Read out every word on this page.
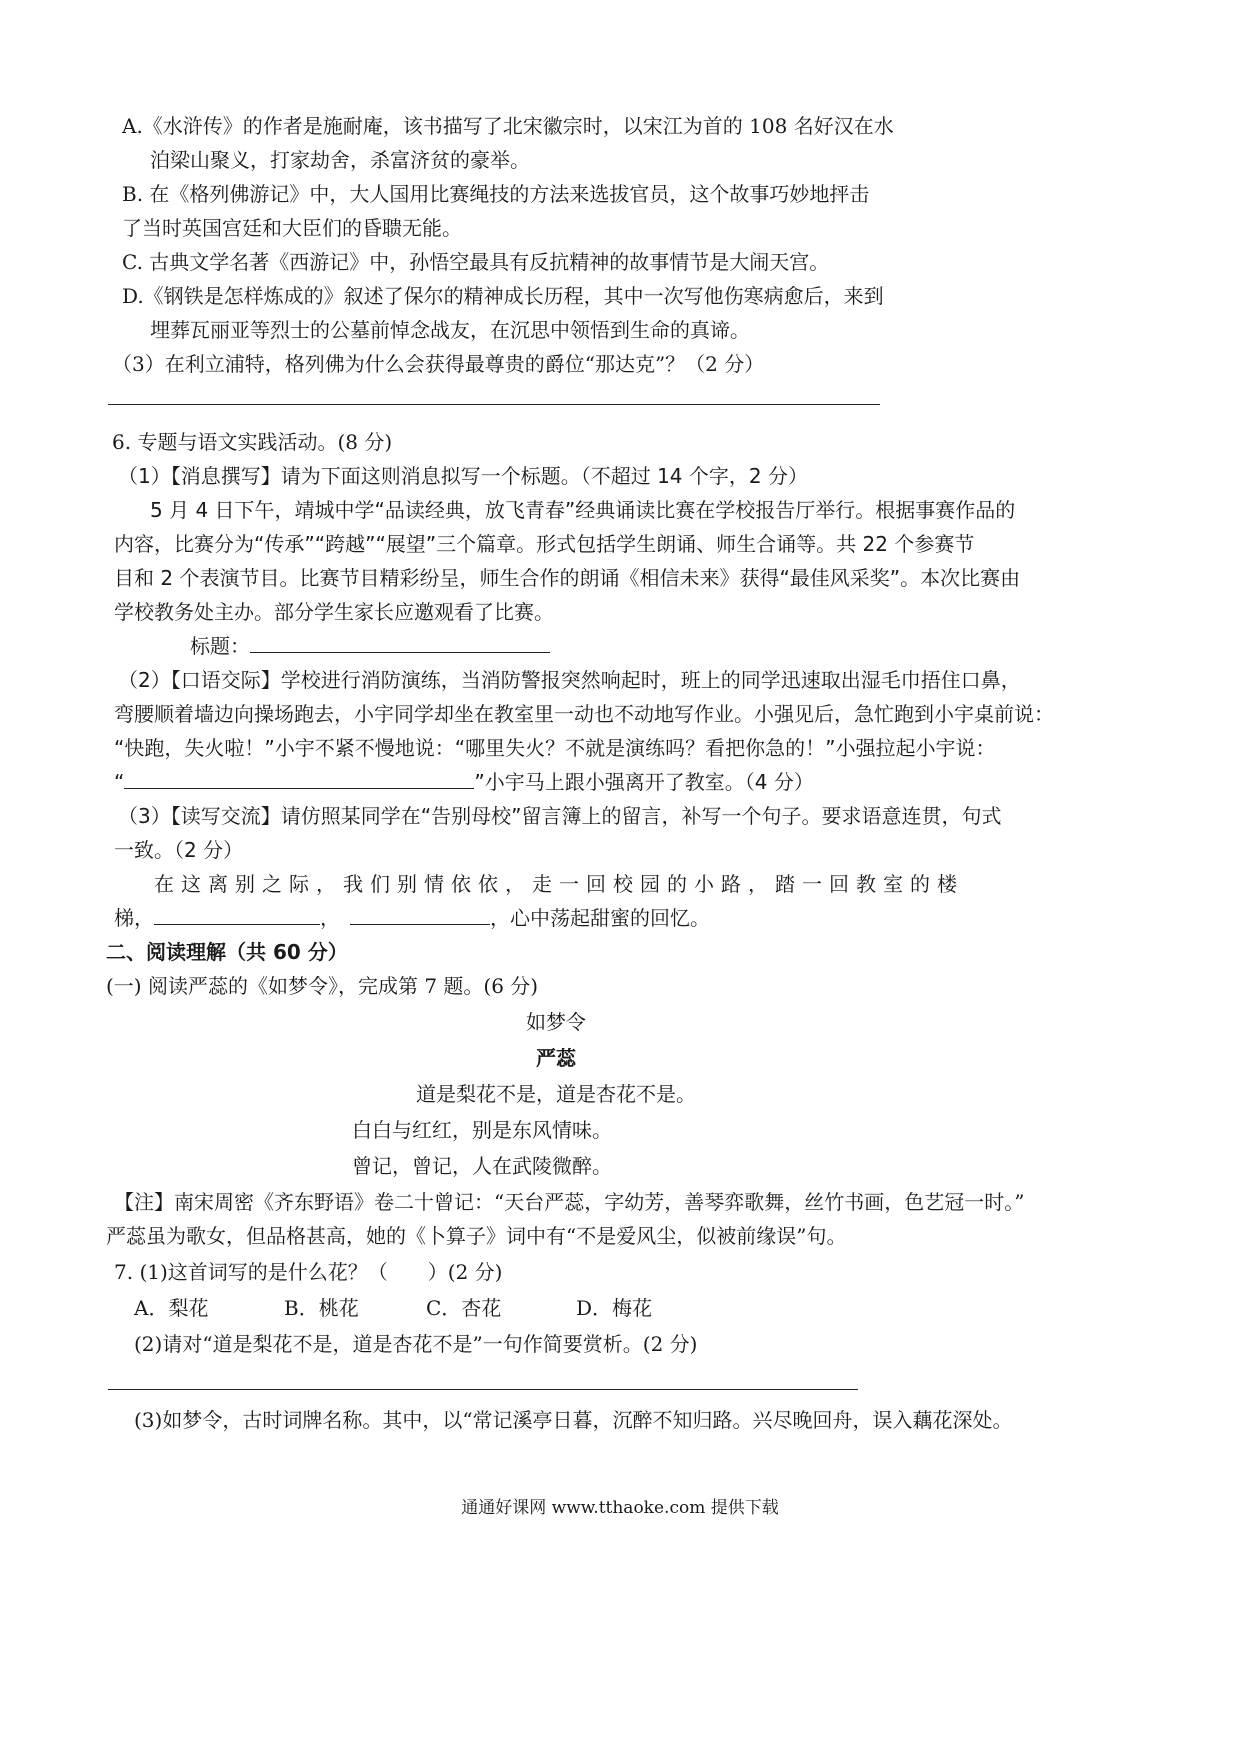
A.《水浒传》的作者是施耐庵，该书描写了北宋徽宗时，以宋江为首的 108 名好汉在水
泊梁山聚义，打家劫舍，杀富济贫的豪举。
B. 在《格列佛游记》中，大人国用比赛绳技的方法来选拔官员，这个故事巧妙地抨击
了当时英国宫廷和大臣们的昏聩无能。
C. 古典文学名著《西游记》中，孙悟空最具有反抗精神的故事情节是大闹天宫。
D.《钢铁是怎样炼成的》叙述了保尔的精神成长历程，其中一次写他伤寒病愈后，来到
埋葬瓦丽亚等烈士的公墓前悼念战友，在沉思中领悟到生命的真谛。
（3）在利立浦特，格列佛为什么会获得最尊贵的爵位“那达克”？（2 分）
6. 专题与语文实践活动。(8 分)
（1）【消息撰写】请为下面这则消息拟写一个标题。（不超过 14 个字，2 分）
5 月 4 日下午，靖城中学“品读经典，放飞青春”经典诵读比赛在学校报告厅举行。根据事赛作品的
内容，比赛分为“传承”“跨越”“展望”三个篇章。形式包括学生朗诵、师生合诵等。共 22 个参赛节
目和 2 个表演节目。比赛节目精彩纷呈，师生合作的朗诵《相信未来》获得“最佳风采奖”。本次比赛由
学校教务处主办。部分学生家长应邀观看了比赛。
标题：
（2）【口语交际】学校进行消防演练，当消防警报突然响起时，班上的同学迅速取出湿毛巾捂住口鼻，
弯腰顺着墙边向操场跑去，小宇同学却坐在教室里一动也不动地写作业。小强见后，急忙跑到小宇桌前说：
“快跑，失火啦！”小宇不紧不慢地说：“哪里失火？不就是演练吗？看把你急的！”小强拉起小宇说：
“	”小宇马上跟小强离开了教室。（4 分）
（3）【读写交流】请仿照某同学在“告别母校”留言簿上的留言，补写一个句子。要求语意连贯，句式
一致。（2 分）
在这离别之际，我们别情依依，走一回校园的小路，踏一回教室的楼
梯，	，	，心中荡起甜蜜的回忆。
二、阅读理解（共 60 分）
(一) 阅读严蕊的《如梦令》，完成第 7 题。(6 分)
如梦令
严蕊
道是梨花不是，道是杏花不是。
白白与红红，别是东风情味。
曾记，曾记，人在武陵微醉。
【注】南宋周密《齐东野语》卷二十曾记：“天台严蕊，字幼芳，善琴弈歌舞，丝竹书画，色艺冠一时。”
严蕊虽为歌女，但品格甚高，她的《卜算子》词中有“不是爱风尘，似被前缘误”句。
7. (1)这首词写的是什么花？（　　）(2 分)
A．梨花	B．桃花	C．杏花	D．梅花
(2)请对“道是梨花不是，道是杏花不是”一句作简要赏析。(2 分)
(3)如梦令，古时词牌名称。其中，以“常记溪亭日暮，沉醉不知归路。兴尽晚回舟，误入藕花深处。
通通好课网 www.tthaoke.com 提供下载
